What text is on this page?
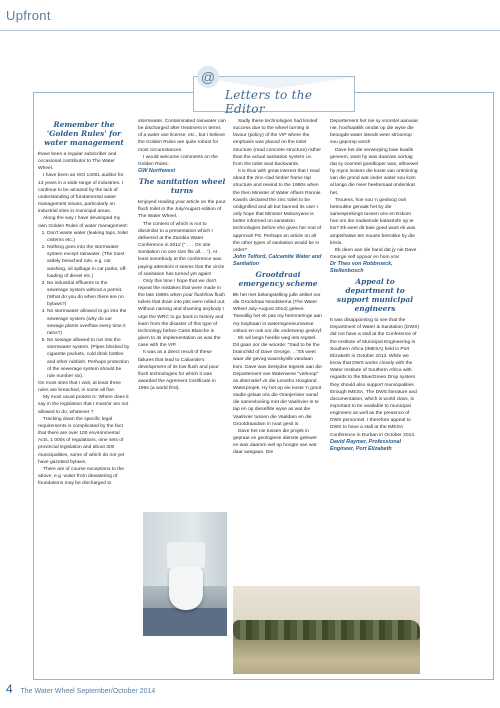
Upfront
@
Letters to the Editor
Remember the 'Golden Rules' for water management

Ihave been a regular subscriber and occasional contributor to The Water Wheel.

I have been an ISO 14001 auditor for 13 years in a wide range of industries. I continue to be amazed by the lack of understanding of fundamental water management issues, particularly on industrial sites in municipal areas.

Along the way I have developed my own Golden Rules of water management:

1. Don't waste water (leaking taps, toilet cisterns etc.)
2. Nothing goes into the stormwater system except rainwater. (The most widely breached rule, e.g. car washing, oil spillage in car parks, off-loading of diesel etc.)
3. No industrial effluents to the sewerage system without a permit. (What do you do when there are no bylaws?)
4. No stormwater allowed to go into the sewerage system (why do our sewage plants overflow every time it rains?)
5. No sewage allowed to run into the stormwater system. (Pipes blocked by cigarette packets, cold drink bottles and other rubbish. Perhaps protection of the sewerage system should be rule number six).

On most sites that I visit, at least three rules are breached, in some all five.

My most usual protest is: Where does it say in the legislation that I must/or am not allowed to do, whatever ?

Tracking down the specific legal requirements is complicated by the fact that there are over 100 environmental Acts, 1 000s of regulations, nine sets of provincial legislation and about 300 municipalities, some of which do not yet have gazetted bylaws.

There are of course exceptions to the above, e.g. water from dewatering of foundations may be discharged to

stormwater. Contaminated rainwater can be discharged after treatment in terms of a water use license, etc., but I believe the Golden Rules are quite robust for most circumstances.

I would welcome comments on the Golden Rules.

GW Northwest

The sanitation wheel turns

Ienjoyed reading your article on the pour flush toilet in the July/August edition of The Water Wheel.

The content of which is not to dissimilar to a presentation which I delivered at the Zambia Water Conference in 2012 (" . . . On site Sanitation no one size fits all. . ."). At least somebody at the conference was paying attention! It seems that the circle of sanitation has turned yet again!

Only this time I hope that we don't repeat the mistakes that were made in the late 1980s when pour flush/low flush toilets that drain into pits were rolled out. Without naming and shaming anybody I urge the WRC to go back in history and learn from the disaster of this type of technology before Carte Blanche is given to its implementation as was the case with the VIP.

It was as a direct result of these failures that lead to Caliamite's development of its low flush and pour flush technologies for which it was awarded the Agrement Certificate in 1994 (a world first).

Sadly these technologies had limited success due to the wheel turning in favour (policy) of the VIP where the emphasis was placed on the toilet structure (read concrete structure) rather than the actual sanitation system i.e. from the toilet seat backwards.

It is thus with great interest that I read about the zinc-clad timber frame top structure and rewind to the 1990s when the then Minister of Water Affairs Ronnie Kasrils declared the zinc toilet to be undignified and all but banned its use! I only hope that Minister Mokonyane is better informed on sanitation technologies before she gives her nod of approval! PS. Perhaps an article on all the other types of sanitation would be in order?

John Telford, Calcamite Water and Sanitation

Grootdraai emergency scheme

Ek het met belangstelling julle artikel oor die Grootdraai Noodskema (The Water Wheel July-August 2014) gelees. Toevallig het ek pas my herinneringe aan my loopbaan in wateringenieurswese voltooi en ook oor die onderwerp geskryf.

Ek wil langs hierdie weg iets regstel. Dit gaan oor die woorde: "Said to be the brainchild of Dave George. . ."Ek weet waar die gevog waarskynlik vandaan kom. Dave was destydse tegniek aan die Departement van Waterwese "verkoop" as alternatief vir die Lesotho Hoogland Waterprojek. Hy het op eie koste 'n groot studie gelaat ons die Oranjerivier vanaf die samevloeiing met die Vaalrivier in te tap en op dieselfde wyse as wat die Vaalrivier tussen die Vaaldam en die Grootdraaidam in nuut gesit is.

Dave het nie tussen die projek in gepraat en geologiese dienste gelewer en was daarom wel op hoogte van wat daar aangaan. Die

Departement het nie sy voorstel aanvaar nie, hoofsaaklik omdat op die wyse die beoogde water steeds weer stroomop sou gepomp word!

Dave het die verwerping baie kwalik geneem, want hy was daarvan oortuig dat sy voorstel goedkoper was, alhoewel hy myns insiens die koste van ontmining van die grond wat onder water sou kom al langs die rivier heeltemaal onderskat het.

Trouens, hoe sou 'n geoloog ooit betroukke genaak het by die samesprekings tussen ons en Eskom hoe om die nadeeinde katastrofe op te los? Ek weet dit baie goed want ek was amptshalwe ten nouste betrokke by die krisis.

Ek deen aan die hand dat jy nie Dave George self oppoor en hom vra!

Dr Theo von Robbroeck, Stellenbosch

Appeal to department to support municipal engineers

It was disappointing to see that the Department of Water & Sanitation (DWS) did not have a stall at the Conference of the Institute of Municipal Engineering in Southern Africa (IMESA) held in Port Elizabeth in October 2013. While we know that DWS works closely with the Water Institute of Southern Africa with regards to the Blue/Green Drop system they should also support municipalities through IMESA. The DWS literature and documentation, which is world class, is important to be available to municipal engineers as well as the presence of DWS personnel. I therefore appeal to DWS to have a stall at the IMESA Conference in Durban in October 2014.

David Raymer, Professional Engineer, Port Elizabeth

4 The Water Wheel September/October 2014
